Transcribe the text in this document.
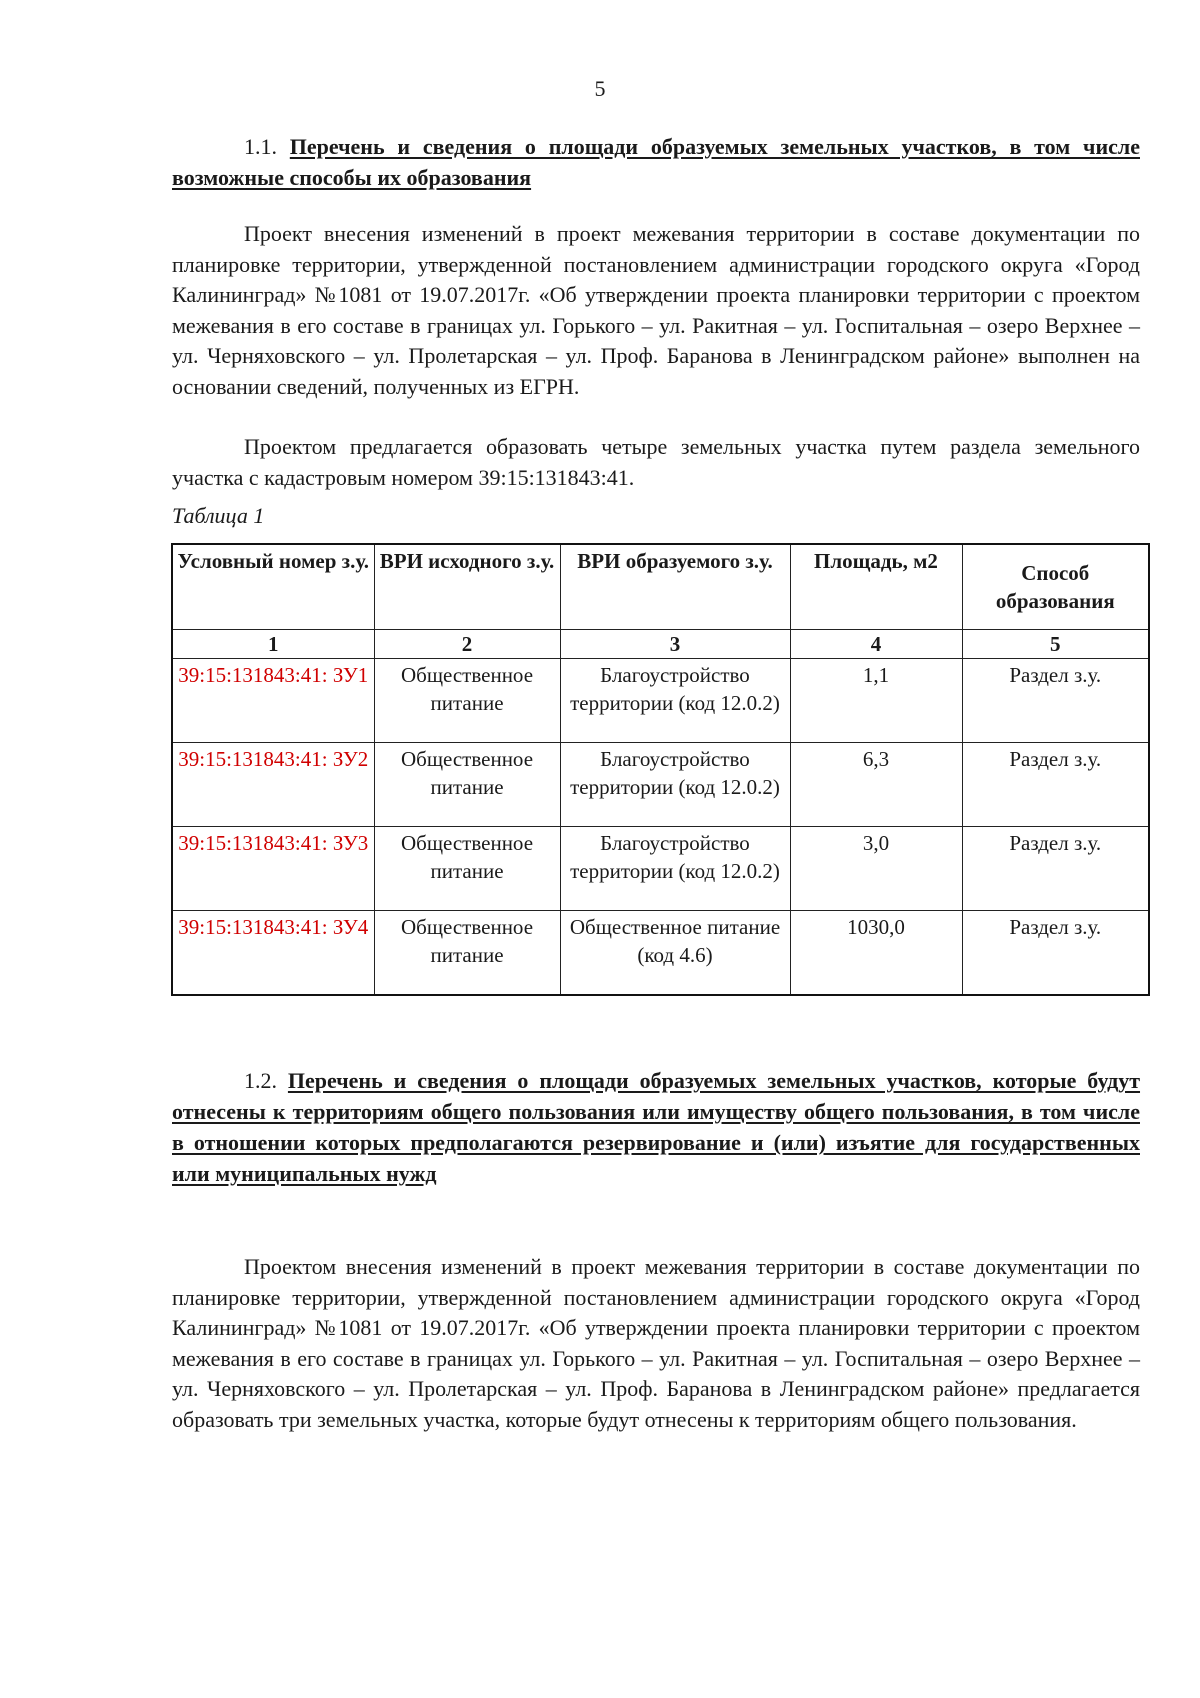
5

1.1. Перечень и сведения о площади образуемых земельных участков, в том числе возможные способы их образования

Проект внесения изменений в проект межевания территории в составе документации по планировке территории, утвержденной постановлением администрации городского округа «Город Калининград» №1081 от 19.07.2017г. «Об утверждении проекта планировки территории с проектом межевания в его составе в границах ул. Горького – ул. Ракитная – ул. Госпитальная – озеро Верхнее – ул. Черняховского – ул. Пролетарская – ул. Проф. Баранова в Ленинградском районе» выполнен на основании сведений, полученных из ЕГРН.

Проектом предлагается образовать четыре земельных участка путем раздела земельного участка с кадастровым номером 39:15:131843:41.

Таблица 1
Условный номер з.у.	ВРИ исходного з.у.	ВРИ образуемого з.у.	Площадь, м2	Способ образования
1	2	3	4	5
39:15:131843:41: ЗУ1	Общественное питание	Благоустройство территории (код 12.0.2)	1,1	Раздел з.у.
39:15:131843:41: ЗУ2	Общественное питание	Благоустройство территории (код 12.0.2)	6,3	Раздел з.у.
39:15:131843:41: ЗУ3	Общественное питание	Благоустройство территории (код 12.0.2)	3,0	Раздел з.у.
39:15:131843:41: ЗУ4	Общественное питание	Общественное питание (код 4.6)	1030,0	Раздел з.у.

1.2. Перечень и сведения о площади образуемых земельных участков, которые будут отнесены к территориям общего пользования или имуществу общего пользования, в том числе в отношении которых предполагаются резервирование и (или) изъятие для государственных или муниципальных нужд

Проектом внесения изменений в проект межевания территории в составе документации по планировке территории, утвержденной постановлением администрации городского округа «Город Калининград» №1081 от 19.07.2017г. «Об утверждении проекта планировки территории с проектом межевания в его составе в границах ул. Горького – ул. Ракитная – ул. Госпитальная – озеро Верхнее – ул. Черняховского – ул. Пролетарская – ул. Проф. Баранова в Ленинградском районе» предлагается образовать три земельных участка, которые будут отнесены к территориям общего пользования.
